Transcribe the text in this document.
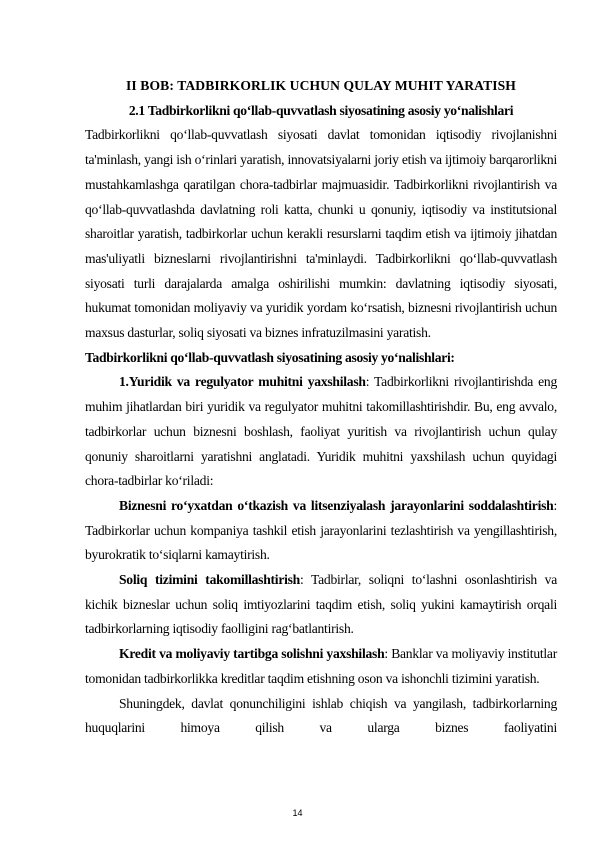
II BOB: TADBIRKORLIK UCHUN QULAY MUHIT YARATISH
2.1 Tadbirkorlikni qo‘llab-quvvatlash siyosatining asosiy yo‘nalishlari

Tadbirkorlikni qo‘llab-quvvatlash siyosati davlat tomonidan iqtisodiy rivojlanishni ta'minlash, yangi ish o‘rinlari yaratish, innovatsiyalarni joriy etish va ijtimoiy barqarorlikni mustahkamlashga qaratilgan chora-tadbirlar majmuasidir. Tadbirkorlikni rivojlantirish va qo‘llab-quvvatlashda davlatning roli katta, chunki u qonuniy, iqtisodiy va institutsional sharoitlar yaratish, tadbirkorlar uchun kerakli resurslarni taqdim etish va ijtimoiy jihatdan mas'uliyatli bizneslarni rivojlantirishni ta'minlaydi. Tadbirkorlikni qo‘llab-quvvatlash siyosati turli darajalarda amalga oshirilishi mumkin: davlatning iqtisodiy siyosati, hukumat tomonidan moliyaviy va yuridik yordam ko‘rsatish, biznesni rivojlantirish uchun maxsus dasturlar, soliq siyosati va biznes infratuzilmasini yaratish.

Tadbirkorlikni qo‘llab-quvvatlash siyosatining asosiy yo‘nalishlari:

1.Yuridik va regulyator muhitni yaxshilash: Tadbirkorlikni rivojlantirishda eng muhim jihatlardan biri yuridik va regulyator muhitni takomillashtirishdir. Bu, eng avvalo, tadbirkorlar uchun biznesni boshlash, faoliyat yuritish va rivojlantirish uchun qulay qonuniy sharoitlarni yaratishni anglatadi. Yuridik muhitni yaxshilash uchun quyidagi chora-tadbirlar ko‘riladi:

Biznesni ro‘yxatdan o‘tkazish va litsenziyalash jarayonlarini soddalashtirish: Tadbirkorlar uchun kompaniya tashkil etish jarayonlarini tezlashtirish va yengillashtirish, byurokratik to‘siqlarni kamaytirish.

Soliq tizimini takomillashtirish: Tadbirlar, soliqni to‘lashni osonlashtirish va kichik bizneslar uchun soliq imtiyozlarini taqdim etish, soliq yukini kamaytirish orqali tadbirkorlarning iqtisodiy faolligini rag‘batlantirish.

Kredit va moliyaviy tartibga solishni yaxshilash: Banklar va moliyaviy institutlar tomonidan tadbirkorlikka kreditlar taqdim etishning oson va ishonchli tizimini yaratish.

Shuningdek, davlat qonunchiligini ishlab chiqish va yangilash, tadbirkorlarning huquqlarini himoya qilish va ularga biznes faoliyatini

14
